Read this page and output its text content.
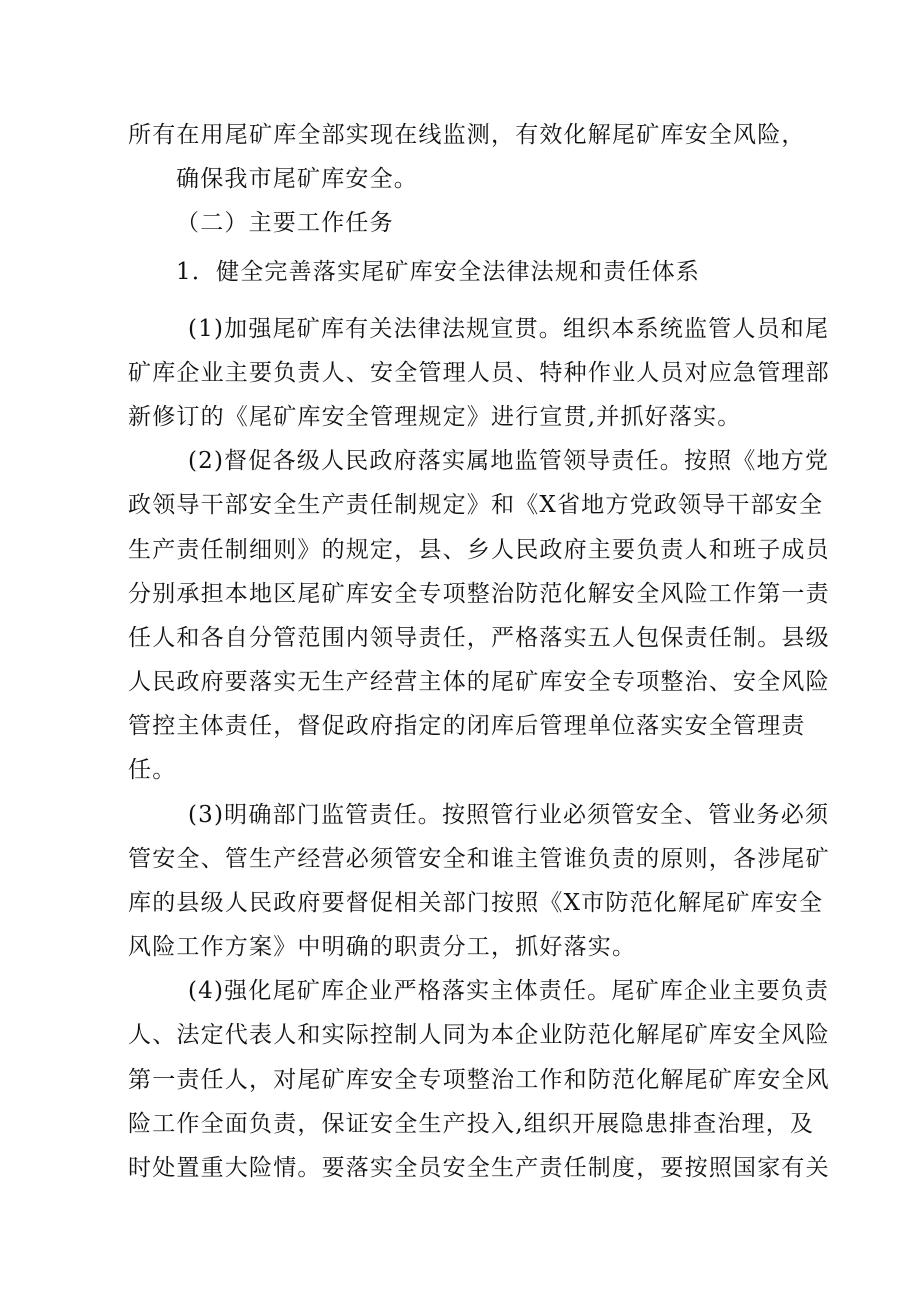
所有在用尾矿库全部实现在线监测，有效化解尾矿库安全风险，
确保我市尾矿库安全。
（二）主要工作任务
1．健全完善落实尾矿库安全法律法规和责任体系
(1)加强尾矿库有关法律法规宣贯。组织本系统监管人员和尾
矿库企业主要负责人、安全管理人员、特种作业人员对应急管理部
新修订的《尾矿库安全管理规定》进行宣贯,并抓好落实。
(2)督促各级人民政府落实属地监管领导责任。按照《地方党
政领导干部安全生产责任制规定》和《X省地方党政领导干部安全
生产责任制细则》的规定，县、乡人民政府主要负责人和班子成员
分别承担本地区尾矿库安全专项整治防范化解安全风险工作第一责
任人和各自分管范围内领导责任，严格落实五人包保责任制。县级
人民政府要落实无生产经营主体的尾矿库安全专项整治、安全风险
管控主体责任，督促政府指定的闭库后管理单位落实安全管理责
任。
(3)明确部门监管责任。按照管行业必须管安全、管业务必须
管安全、管生产经营必须管安全和谁主管谁负责的原则，各涉尾矿
库的县级人民政府要督促相关部门按照《X市防范化解尾矿库安全
风险工作方案》中明确的职责分工，抓好落实。
(4)强化尾矿库企业严格落实主体责任。尾矿库企业主要负责
人、法定代表人和实际控制人同为本企业防范化解尾矿库安全风险
第一责任人，对尾矿库安全专项整治工作和防范化解尾矿库安全风
险工作全面负责，保证安全生产投入,组织开展隐患排查治理，及
时处置重大险情。要落实全员安全生产责任制度，要按照国家有关
